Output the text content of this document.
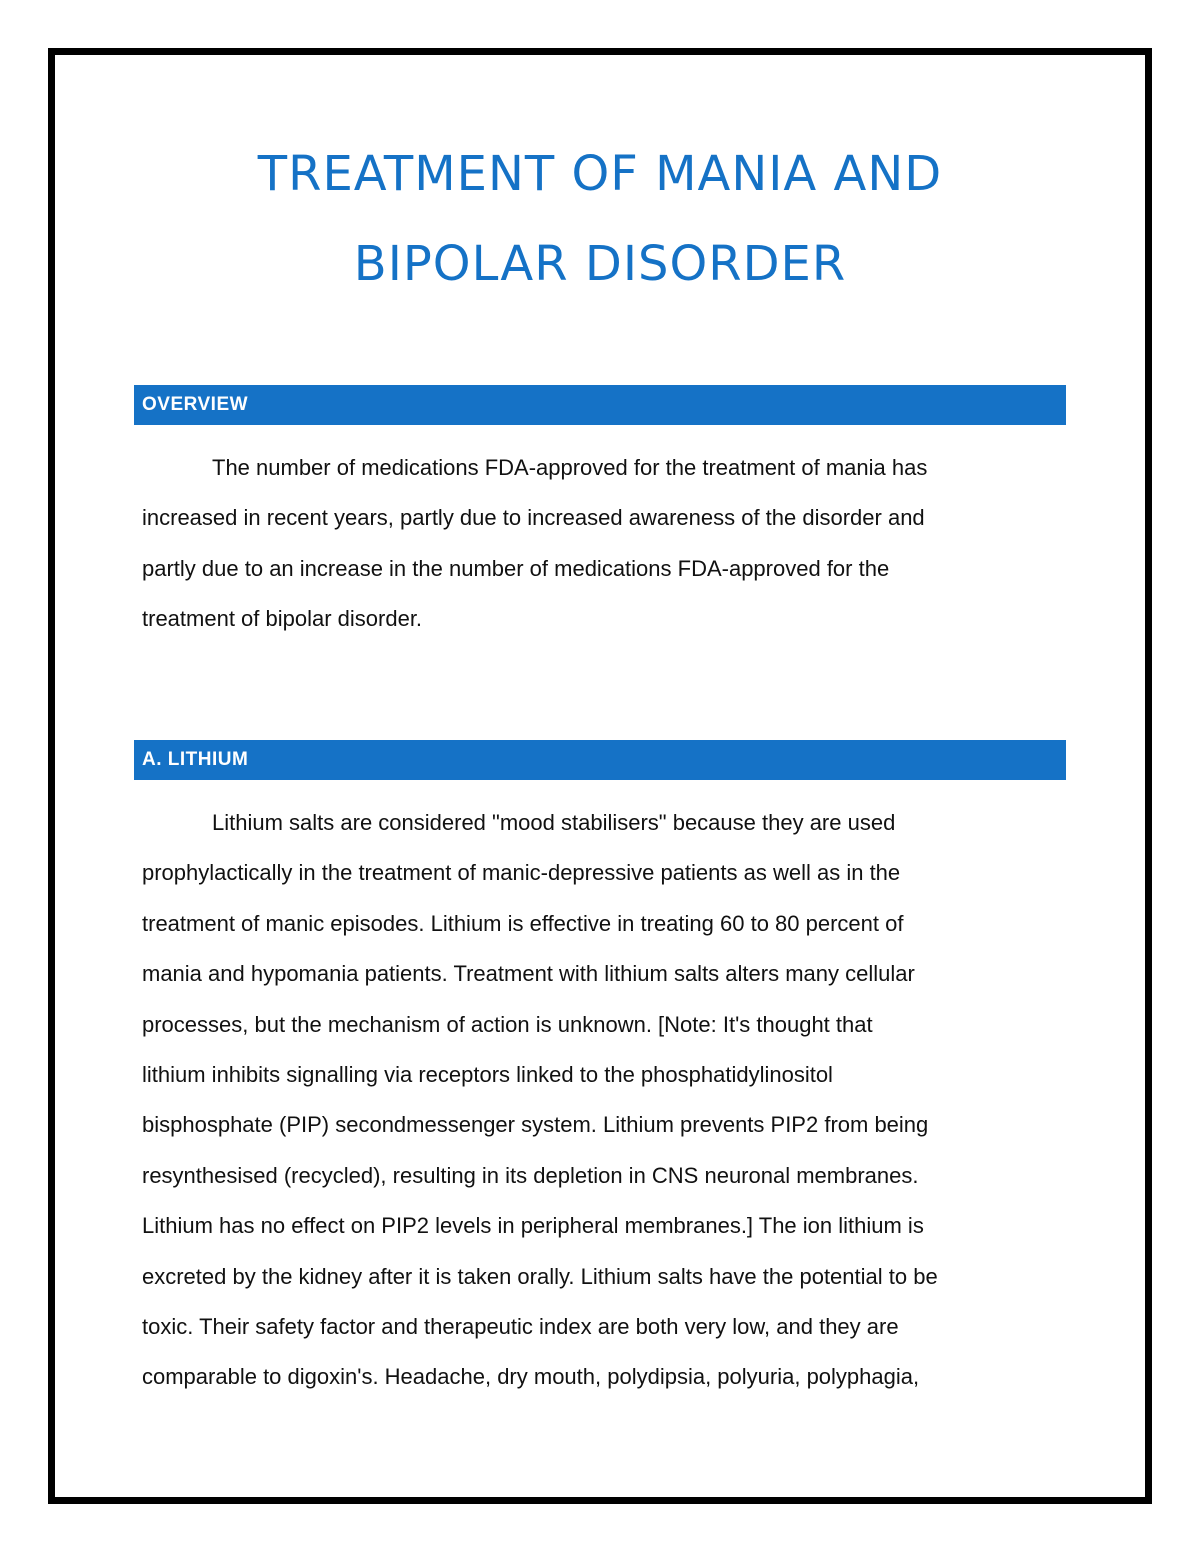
TREATMENT OF MANIA AND
BIPOLAR DISORDER
OVERVIEW

The number of medications FDA-approved for the treatment of mania has
increased in recent years, partly due to increased awareness of the disorder and
partly due to an increase in the number of medications FDA-approved for the
treatment of bipolar disorder.

A. LITHIUM

Lithium salts are considered "mood stabilisers" because they are used
prophylactically in the treatment of manic-depressive patients as well as in the
treatment of manic episodes. Lithium is effective in treating 60 to 80 percent of
mania and hypomania patients. Treatment with lithium salts alters many cellular
processes, but the mechanism of action is unknown. [Note: It's thought that
lithium inhibits signalling via receptors linked to the phosphatidylinositol
bisphosphate (PIP) secondmessenger system. Lithium prevents PIP2 from being
resynthesised (recycled), resulting in its depletion in CNS neuronal membranes.
Lithium has no effect on PIP2 levels in peripheral membranes.] The ion lithium is
excreted by the kidney after it is taken orally. Lithium salts have the potential to be
toxic. Their safety factor and therapeutic index are both very low, and they are
comparable to digoxin's. Headache, dry mouth, polydipsia, polyuria, polyphagia,
